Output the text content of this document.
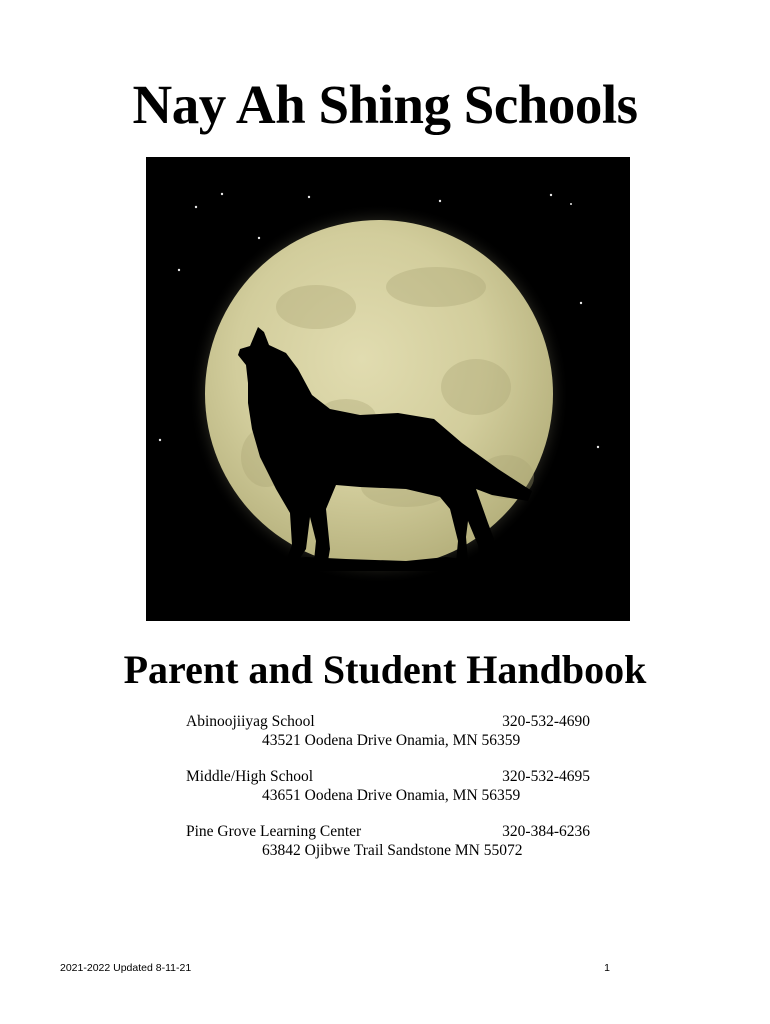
Nay Ah Shing Schools
Parent and Student Handbook
Abinoojiiyag School	320-532-4690
43521 Oodena Drive Onamia, MN 56359
Middle/High School	320-532-4695
43651 Oodena Drive Onamia, MN 56359
Pine Grove Learning Center	320-384-6236
63842 Ojibwe Trail Sandstone MN 55072
2021-2022 Updated 8-11-21	1
